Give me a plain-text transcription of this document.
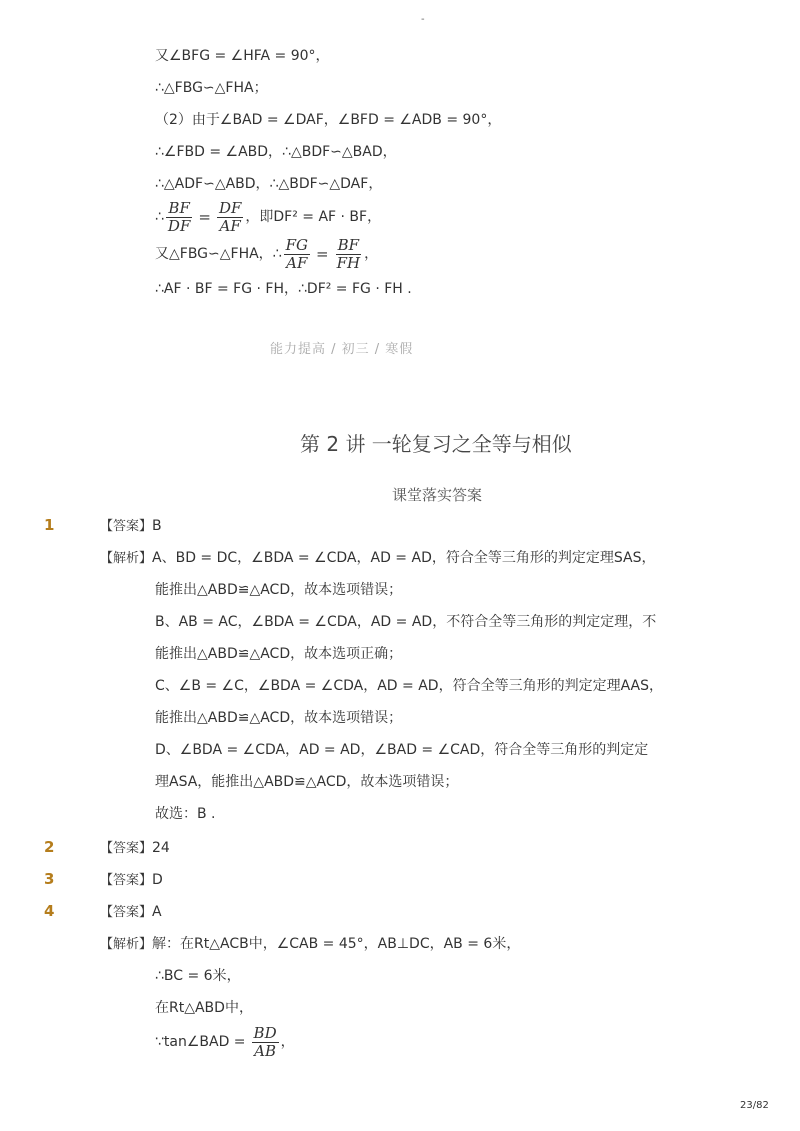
-
又∠BFG = ∠HFA = 90°，
∴△FBG∽△FHA；
（2）由于∠BAD = ∠DAF，∠BFD = ∠ADB = 90°，
∴∠FBD = ∠ABD，∴△BDF∽△BAD，
∴△ADF∽△ABD，∴△BDF∽△DAF，
∴ $\frac{BF}{DF} = \frac{DF}{AF}$ ，即DF² = AF · BF，
又△FBG∽△FHA，∴ $\frac{FG}{AF} = \frac{BF}{FH}$ ，
∴AF · BF = FG · FH，∴DF² = FG · FH .
能力提高 / 初三 / 寒假
第 2 讲 一轮复习之全等与相似
课堂落实答案
1	【答案】B
【解析】A、BD = DC，∠BDA = ∠CDA，AD = AD，符合全等三角形的判定定理SAS，
能推出△ABD≌△ACD，故本选项错误；
B、AB = AC，∠BDA = ∠CDA，AD = AD，不符合全等三角形的判定定理，不
能推出△ABD≌△ACD，故本选项正确；
C、∠B = ∠C，∠BDA = ∠CDA，AD = AD，符合全等三角形的判定定理AAS，
能推出△ABD≌△ACD，故本选项错误；
D、∠BDA = ∠CDA，AD = AD，∠BAD = ∠CAD，符合全等三角形的判定定
理ASA，能推出△ABD≌△ACD，故本选项错误；
故选：B .
2	【答案】24
3	【答案】D
4	【答案】A
【解析】解：在Rt△ACB中，∠CAB = 45°，AB⊥DC，AB = 6米，
∴BC = 6米，
在Rt△ABD中，
∵tan∠BAD = $\frac{BD}{AB}$ ，
23/82
